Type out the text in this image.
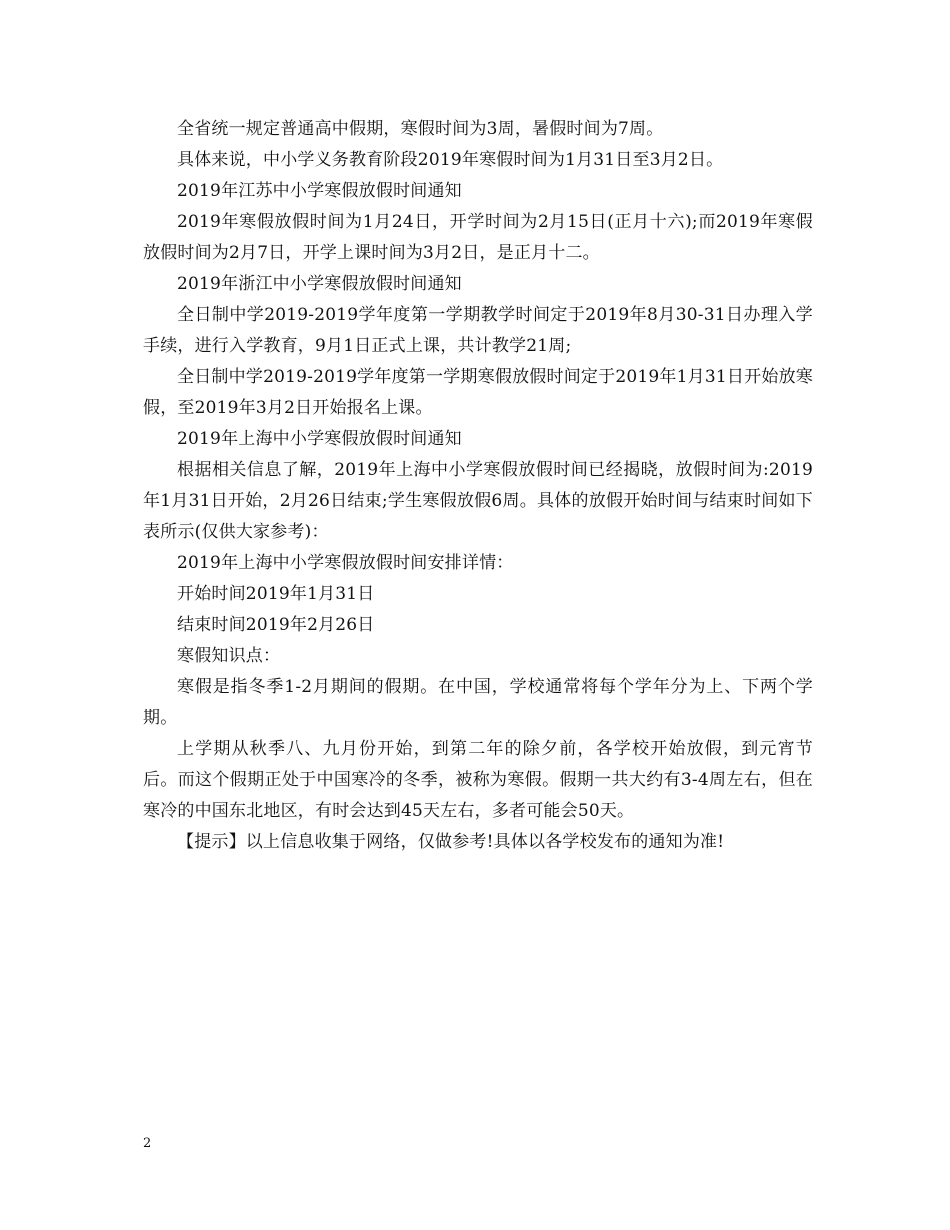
全省统一规定普通高中假期，寒假时间为3周，暑假时间为7周。

具体来说，中小学义务教育阶段2019年寒假时间为1月31日至3月2日。

2019年江苏中小学寒假放假时间通知

2019年寒假放假时间为1月24日，开学时间为2月15日(正月十六);而2019年寒假放假时间为2月7日，开学上课时间为3月2日，是正月十二。

2019年浙江中小学寒假放假时间通知

全日制中学2019-2019学年度第一学期教学时间定于2019年8月30-31日办理入学手续，进行入学教育，9月1日正式上课，共计教学21周;

全日制中学2019-2019学年度第一学期寒假放假时间定于2019年1月31日开始放寒假，至2019年3月2日开始报名上课。

2019年上海中小学寒假放假时间通知

根据相关信息了解，2019年上海中小学寒假放假时间已经揭晓，放假时间为:2019 年1月31日开始，2月26日结束;学生寒假放假6周。具体的放假开始时间与结束时间如下表所示(仅供大家参考)：

2019年上海中小学寒假放假时间安排详情：

开始时间2019年1月31日

结束时间2019年2月26日

寒假知识点：

寒假是指冬季1-2月期间的假期。在中国，学校通常将每个学年分为上、下两个学期。

上学期从秋季八、九月份开始，到第二年的除夕前，各学校开始放假，到元宵节后。而这个假期正处于中国寒冷的冬季，被称为寒假。假期一共大约有3-4周左右，但在寒冷的中国东北地区，有时会达到45天左右，多者可能会50天。

【提示】以上信息收集于网络，仅做参考!具体以各学校发布的通知为准!

2
